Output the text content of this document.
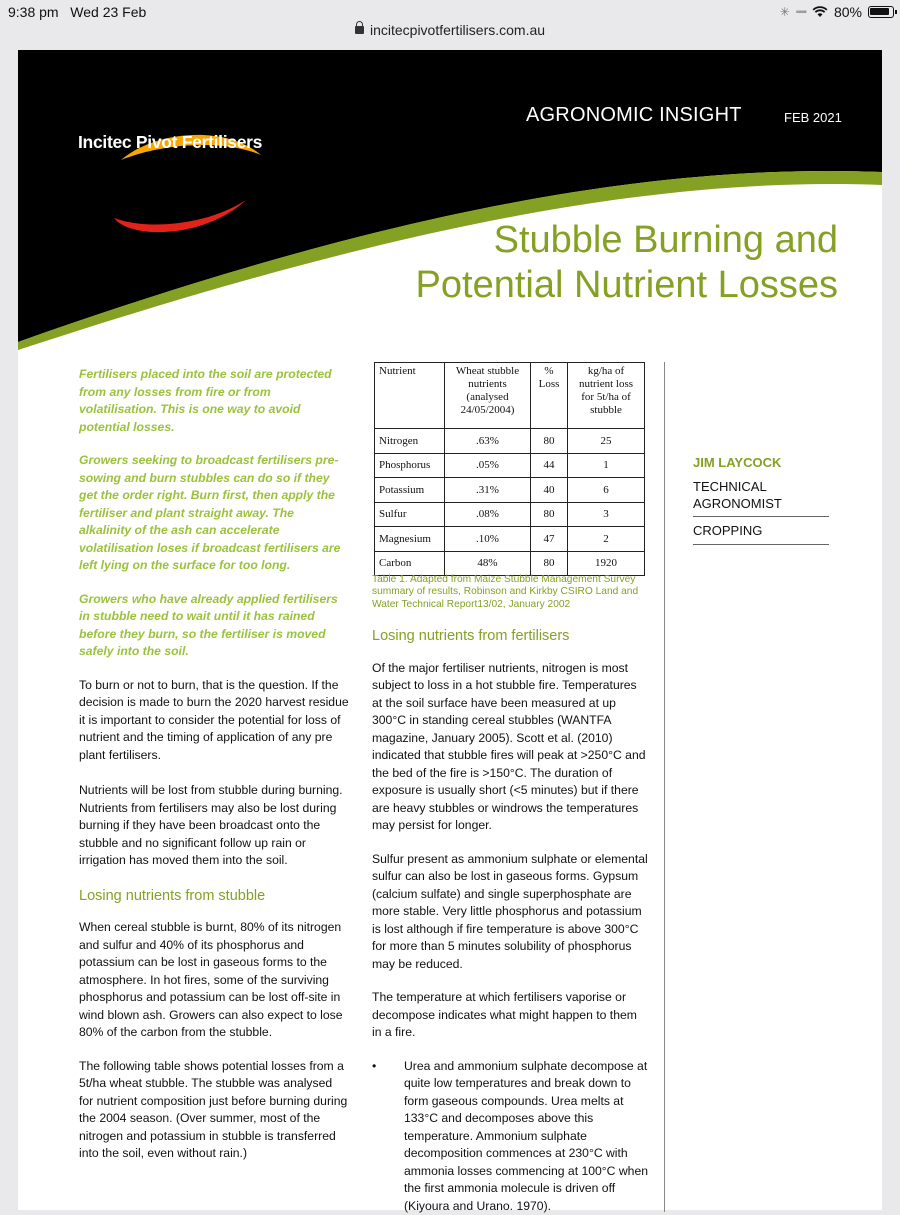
9:38 pm Wed 23 Feb	✳ ▪▪▪▪ 80%
incitecpivotfertilisers.com.au
Incitec Pivot Fertilisers
AGRONOMIC INSIGHT	FEB 2021
Stubble Burning and
Potential Nutrient Losses

Fertilisers placed into the soil are protected from any losses from fire or from volatilisation. This is one way to avoid potential losses.

Growers seeking to broadcast fertilisers pre-sowing and burn stubbles can do so if they get the order right. Burn first, then apply the fertiliser and plant straight away. The alkalinity of the ash can accelerate volatilisation loses if broadcast fertilisers are left lying on the surface for too long.

Growers who have already applied fertilisers in stubble need to wait until it has rained before they burn, so the fertiliser is moved safely into the soil.

To burn or not to burn, that is the question. If the decision is made to burn the 2020 harvest residue it is important to consider the potential for loss of nutrient and the timing of application of any pre plant fertilisers.

Nutrients will be lost from stubble during burning. Nutrients from fertilisers may also be lost during burning if they have been broadcast onto the stubble and no significant follow up rain or irrigation has moved them into the soil.

Losing nutrients from stubble

When cereal stubble is burnt, 80% of its nitrogen and sulfur and 40% of its phosphorus and potassium can be lost in gaseous forms to the atmosphere. In hot fires, some of the surviving phosphorus and potassium can be lost off-site in wind blown ash. Growers can also expect to lose 80% of the carbon from the stubble.

The following table shows potential losses from a 5t/ha wheat stubble. The stubble was analysed for nutrient composition just before burning during the 2004 season. (Over summer, most of the nitrogen and potassium in stubble is transferred into the soil, even without rain.)

Nutrient	Wheat stubble nutrients (analysed 24/05/2004)	% Loss	kg/ha of nutrient loss for 5t/ha of stubble
Nitrogen	.63%	80	25
Phosphorus	.05%	44	1
Potassium	.31%	40	6
Sulfur	.08%	80	3
Magnesium	.10%	47	2
Carbon	48%	80	1920
Table 1. Adapted from Maize Stubble Management Survey summary of results, Robinson and Kirkby CSIRO Land and Water Technical Report13/02, January 2002
Losing nutrients from fertilisers

Of the major fertiliser nutrients, nitrogen is most subject to loss in a hot stubble fire. Temperatures at the soil surface have been measured at up 300°C in standing cereal stubbles (WANTFA magazine, January 2005). Scott et al. (2010) indicated that stubble fires will peak at >250°C and the bed of the fire is >150°C. The duration of exposure is usually short (<5 minutes) but if there are heavy stubbles or windrows the temperatures may persist for longer.

Sulfur present as ammonium sulphate or elemental sulfur can also be lost in gaseous forms. Gypsum (calcium sulfate) and single superphosphate are more stable. Very little phosphorus and potassium is lost although if fire temperature is above 300°C for more than 5 minutes solubility of phosphorus may be reduced.

The temperature at which fertilisers vaporise or decompose indicates what might happen to them in a fire.

•	Urea and ammonium sulphate decompose at quite low temperatures and break down to form gaseous compounds. Urea melts at 133°C and decomposes above this temperature. Ammonium sulphate decomposition commences at 230°C with ammonia losses commencing at 100°C when the first ammonia molecule is driven off (Kiyoura and Urano. 1970).
JIM LAYCOCK
TECHNICAL AGRONOMIST
CROPPING
